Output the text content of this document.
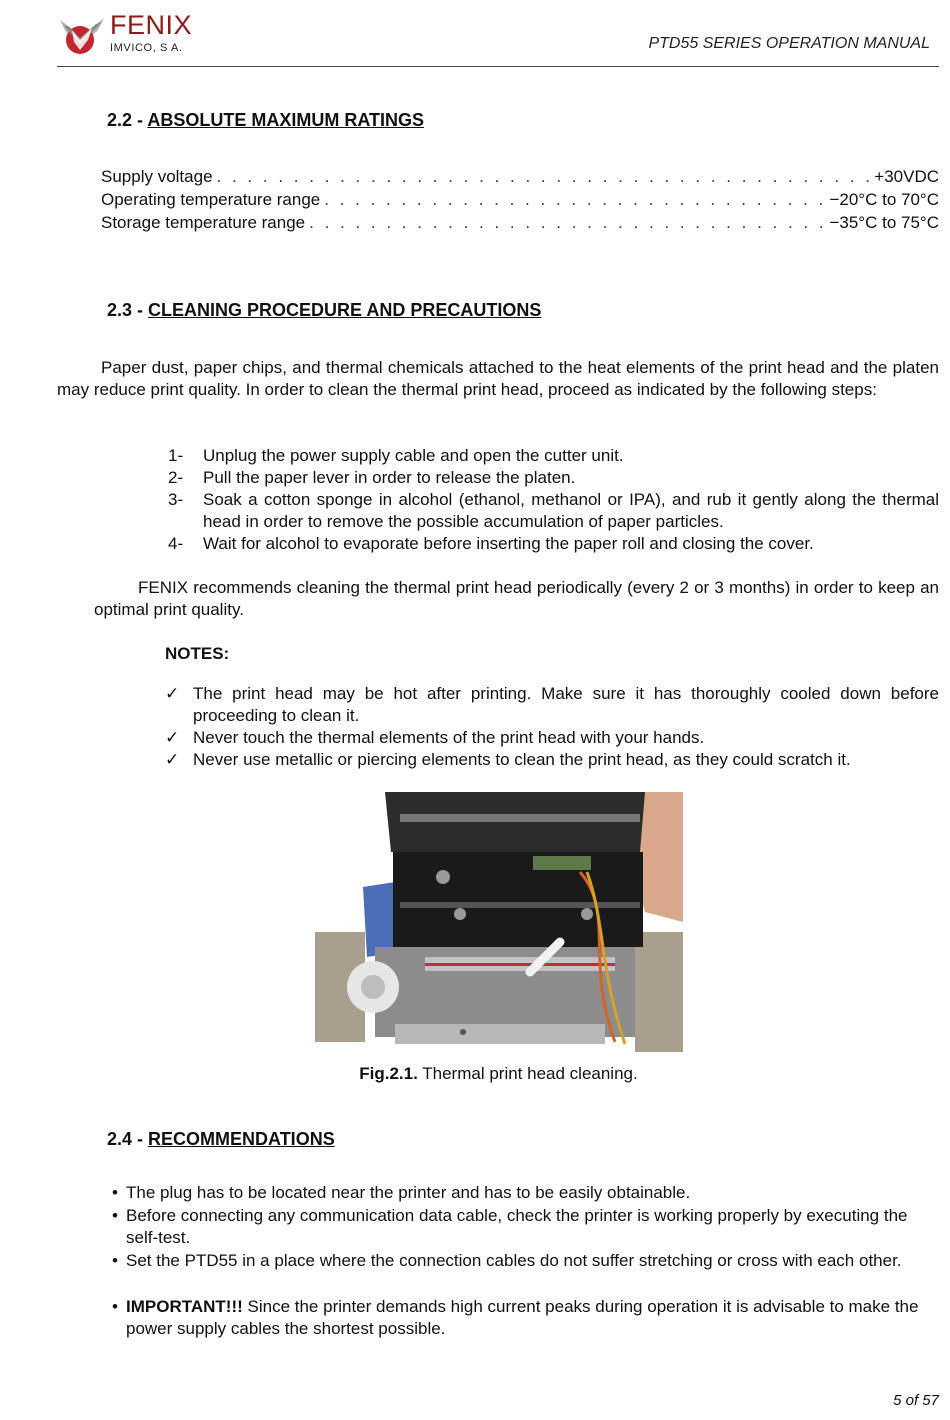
FENIX
IMVICO, S A.	PTD55 SERIES OPERATION MANUAL
2.2 - ABSOLUTE MAXIMUM RATINGS
Supply voltage . . .	+30VDC
Operating temperature range . . .	−20°C to 70°C
Storage temperature range . . .	−35°C to 75°C
2.3 - CLEANING PROCEDURE AND PRECAUTIONS
Paper dust, paper chips, and thermal chemicals attached to the heat elements of the print head and the platen may reduce print quality. In order to clean the thermal print head, proceed as indicated by the following steps:
1- Unplug the power supply cable and open the cutter unit.
2- Pull the paper lever in order to release the platen.
3- Soak a cotton sponge in alcohol (ethanol, methanol or IPA), and rub it gently along the thermal head in order to remove the possible accumulation of paper particles.
4- Wait for alcohol to evaporate before inserting the paper roll and closing the cover.
FENIX recommends cleaning the thermal print head periodically (every 2 or 3 months) in order to keep an optimal print quality.
NOTES:
✓ The print head may be hot after printing. Make sure it has thoroughly cooled down before proceeding to clean it.
✓ Never touch the thermal elements of the print head with your hands.
✓ Never use metallic or piercing elements to clean the print head, as they could scratch it.
Fig.2.1. Thermal print head cleaning.
2.4 - RECOMMENDATIONS
• The plug has to be located near the printer and has to be easily obtainable.
• Before connecting any communication data cable, check the printer is working properly by executing the self-test.
• Set the PTD55 in a place where the connection cables do not suffer stretching or cross with each other.
• IMPORTANT!!! Since the printer demands high current peaks during operation it is advisable to make the power supply cables the shortest possible.
5 of 57
